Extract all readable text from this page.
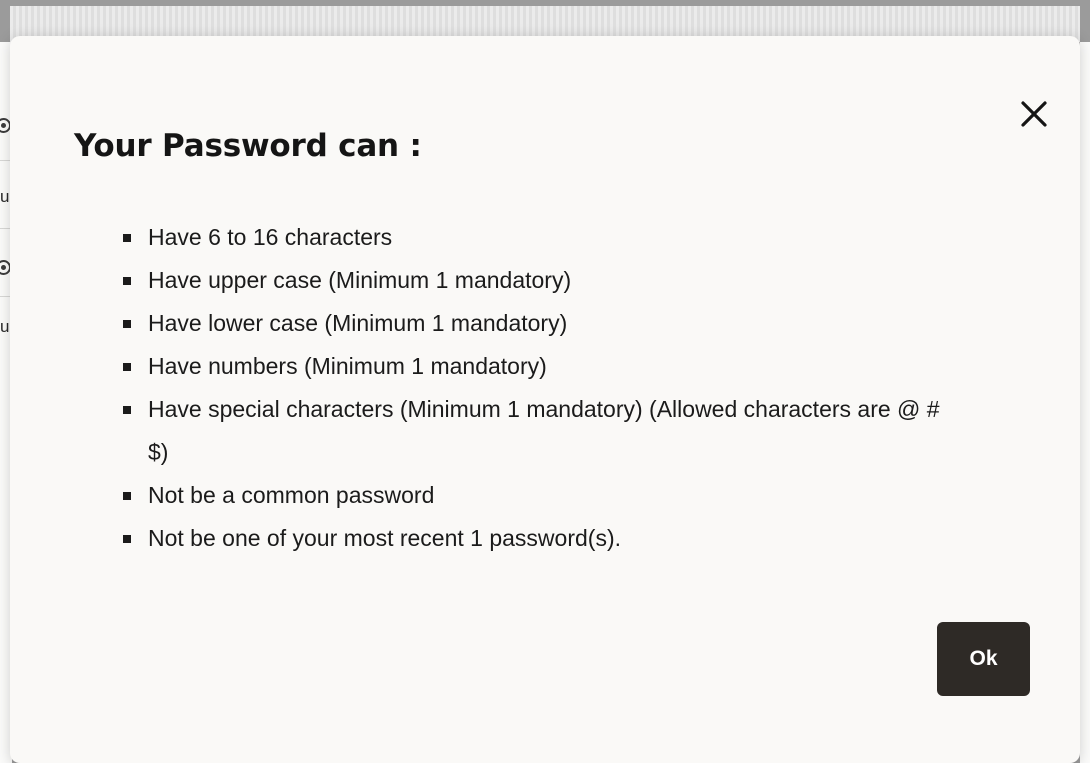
u
u
Your Password can :
Have 6 to 16 characters
Have upper case (Minimum 1 mandatory)
Have lower case (Minimum 1 mandatory)
Have numbers (Minimum 1 mandatory)
Have special characters (Minimum 1 mandatory) (Allowed characters are @ # $)
Not be a common password
Not be one of your most recent 1 password(s).
Ok
